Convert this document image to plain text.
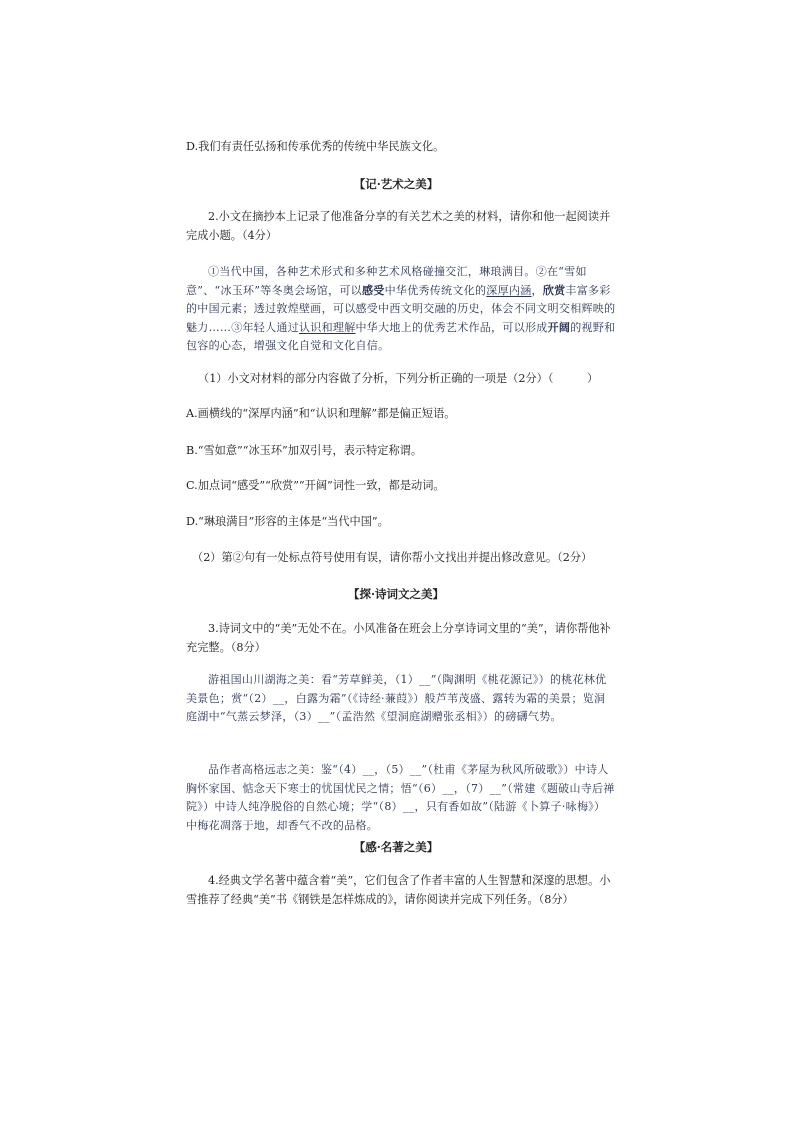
D.我们有责任弘扬和传承优秀的传统中华民族文化。
【记·艺术之美】
2.小文在摘抄本上记录了他准备分享的有关艺术之美的材料，请你和他一起阅读并完成小题。（4分）
①当代中国，各种艺术形式和多种艺术风格碰撞交汇，琳琅满目。②在“雪如意”、“冰玉环”等冬奥会场馆，可以感受中华优秀传统文化的深厚内涵，欣赏丰富多彩的中国元素；透过敦煌壁画，可以感受中西文明交融的历史，体会不同文明交相辉映的魅力……③年轻人通过认识和理解中华大地上的优秀艺术作品，可以形成开阔的视野和包容的心态，增强文化自觉和文化自信。
（1）小文对材料的部分内容做了分析，下列分析正确的一项是（2分）（　　　）
A.画横线的“深厚内涵”和“认识和理解”都是偏正短语。
B.“雪如意”“冰玉环”加双引号，表示特定称谓。
C.加点词“感受”“欣赏”“开阔”词性一致，都是动词。
D.“琳琅满目”形容的主体是“当代中国”。
（2）第②句有一处标点符号使用有误，请你帮小文找出并提出修改意见。（2分）
【探·诗词文之美】
3.诗词文中的“美”无处不在。小风准备在班会上分享诗词文里的“美”，请你帮他补充完整。（8分）
游祖国山川湖海之美：看“芳草鲜美，（1）__”（陶渊明《桃花源记》）的桃花林优美景色；赏“（2）__，白露为霜”（《诗经·蒹葭》）般芦苇茂盛、露转为霜的美景；览洞庭湖中“气蒸云梦泽，（3）__”（孟浩然《望洞庭湖赠张丞相》）的磅礴气势。
品作者高格远志之美：鉴“（4）__，（5）__”（杜甫《茅屋为秋风所破歌》）中诗人胸怀家国、惦念天下寒士的忧国忧民之情；悟“（6）__，（7）__”（常建《题破山寺后禅院》）中诗人纯净脱俗的自然心境；学“（8）__，只有香如故”（陆游《卜算子·咏梅》）中梅花凋落于地，却香气不改的品格。
【感·名著之美】
4.经典文学名著中蕴含着“美”，它们包含了作者丰富的人生智慧和深邃的思想。小雪推荐了经典“美”书《钢铁是怎样炼成的》，请你阅读并完成下列任务。（8分）
